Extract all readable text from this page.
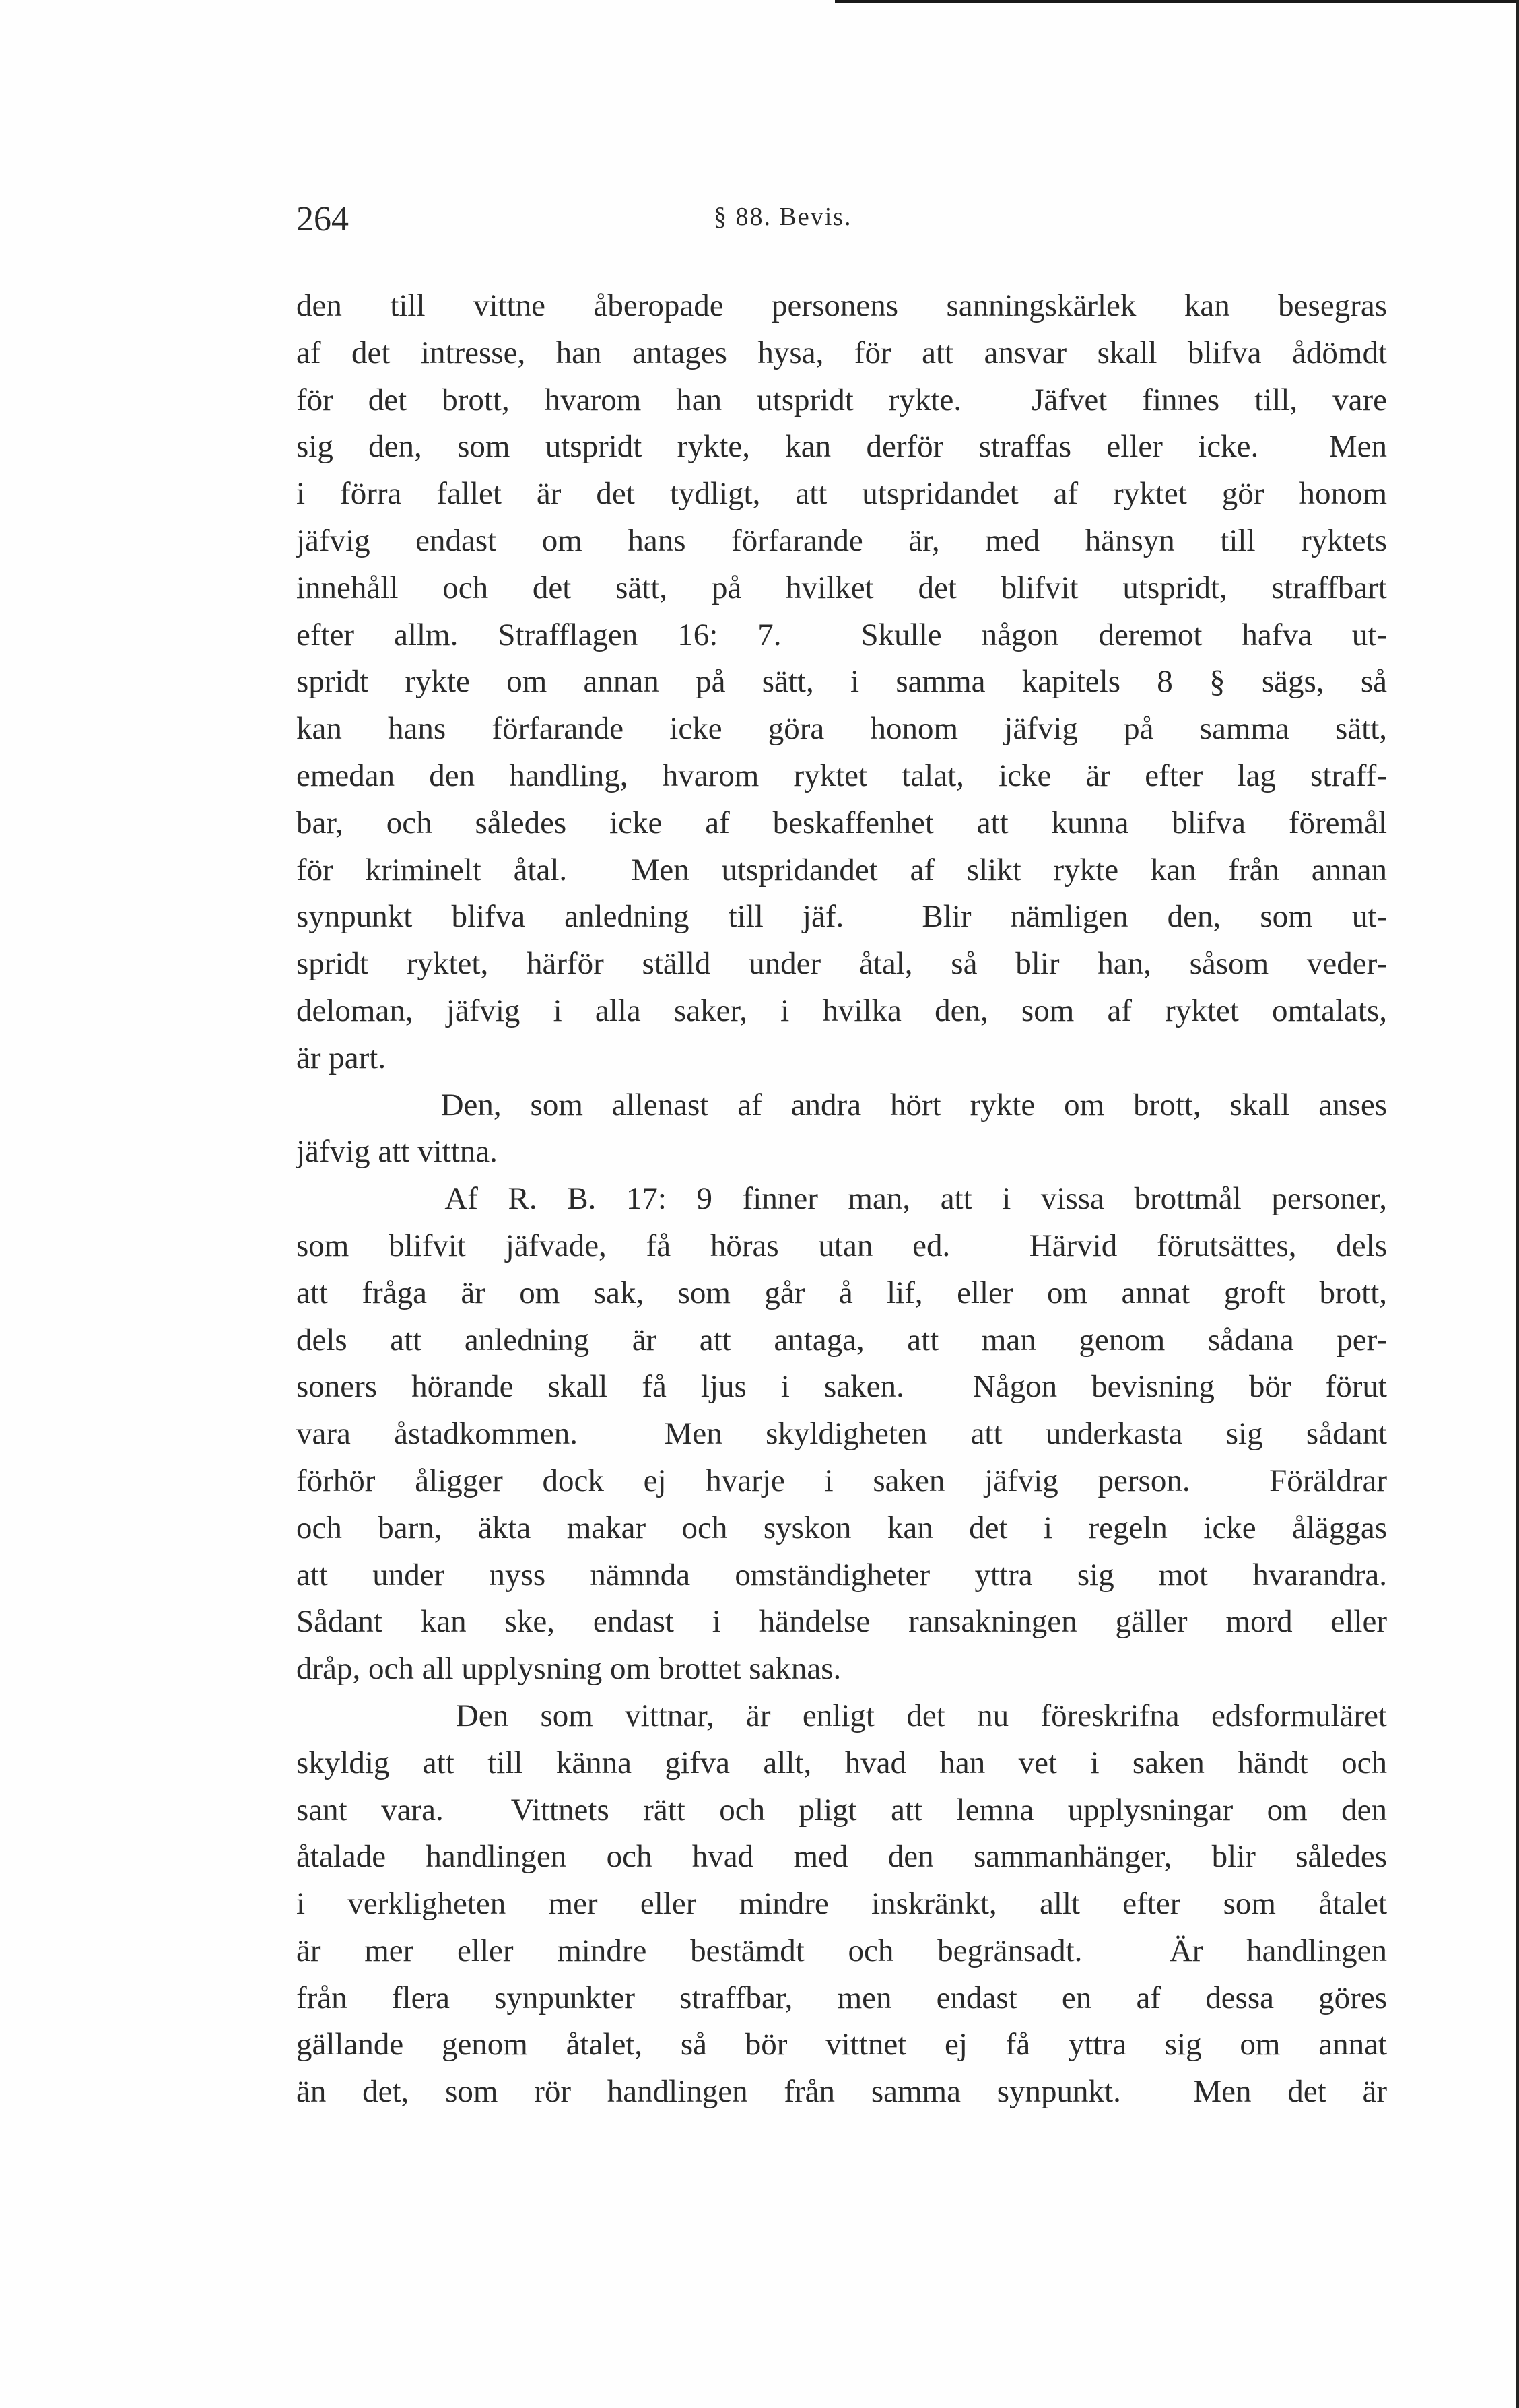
264	§ 88. Bevis.
den till vittne åberopade personens sanningskärlek kan besegras
af det intresse, han antages hysa, för att ansvar skall blifva ådömdt
för det brott, hvarom han utspridt rykte.  Jäfvet finnes till, vare
sig den, som utspridt rykte, kan derför straffas eller icke.  Men
i förra fallet är det tydligt, att utspridandet af ryktet gör honom
jäfvig endast om hans förfarande är, med hänsyn till ryktets
innehåll och det sätt, på hvilket det blifvit utspridt, straffbart
efter allm. Strafflagen 16: 7.  Skulle någon deremot hafva ut-
spridt rykte om annan på sätt, i samma kapitels 8 § sägs, så
kan hans förfarande icke göra honom jäfvig på samma sätt,
emedan den handling, hvarom ryktet talat, icke är efter lag straff-
bar, och således icke af beskaffenhet att kunna blifva föremål
för kriminelt åtal.  Men utspridandet af slikt rykte kan från annan
synpunkt blifva anledning till jäf.  Blir nämligen den, som ut-
spridt ryktet, härför ställd under åtal, så blir han, såsom veder-
deloman, jäfvig i alla saker, i hvilka den, som af ryktet omtalats,
är part.
Den, som allenast af andra hört rykte om brott, skall anses
jäfvig att vittna.
Af R. B. 17: 9 finner man, att i vissa brottmål personer,
som blifvit jäfvade, få höras utan ed.  Härvid förutsättes, dels
att fråga är om sak, som går å lif, eller om annat groft brott,
dels att anledning är att antaga, att man genom sådana per-
soners hörande skall få ljus i saken.  Någon bevisning bör förut
vara åstadkommen.  Men skyldigheten att underkasta sig sådant
förhör åligger dock ej hvarje i saken jäfvig person.  Föräldrar
och barn, äkta makar och syskon kan det i regeln icke åläggas
att under nyss nämnda omständigheter yttra sig mot hvarandra.
Sådant kan ske, endast i händelse ransakningen gäller mord eller
dråp, och all upplysning om brottet saknas.
Den som vittnar, är enligt det nu föreskrifna edsformuläret
skyldig att till känna gifva allt, hvad han vet i saken händt och
sant vara.  Vittnets rätt och pligt att lemna upplysningar om den
åtalade handlingen och hvad med den sammanhänger, blir således
i verkligheten mer eller mindre inskränkt, allt efter som åtalet
är mer eller mindre bestämdt och begränsadt.  Är handlingen
från flera synpunkter straffbar, men endast en af dessa göres
gällande genom åtalet, så bör vittnet ej få yttra sig om annat
än det, som rör handlingen från samma synpunkt.  Men det är
